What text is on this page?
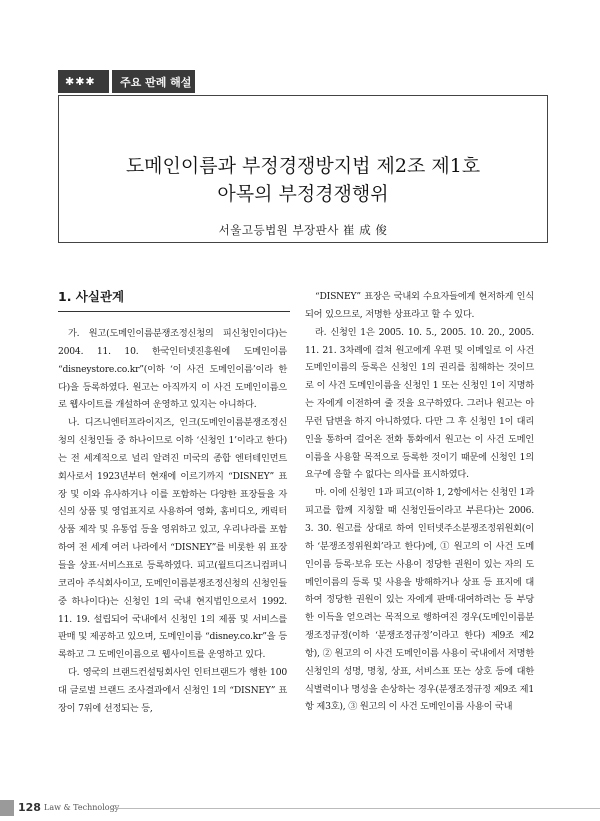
✱✱✱	주요 판례 해설
도메인이름과 부정경쟁방지법 제2조 제1호
아목의 부정경쟁행위
서울고등법원 부장판사 崔 成 俊
1. 사실관계

가. 원고(도메인이름분쟁조정신청의 피신청인이다)는 2004. 11. 10. 한국인터넷진흥원에 도메인이름 “disneystore.co.kr”(이하 ‘이 사건 도메인이름’이라 한다)을 등록하였다. 원고는 아직까지 이 사건 도메인이름으로 웹사이트를 개설하여 운영하고 있지는 아니하다.

나. 디즈니엔터프라이지즈, 인크(도메인이름분쟁조정신청의 신청인들 중 하나이므로 이하 ‘신청인 1’이라고 한다)는 전 세계적으로 널리 알려진 미국의 종합 엔터테인먼트 회사로서 1923년부터 현재에 이르기까지 “DISNEY” 표장 및 이와 유사하거나 이를 포함하는 다양한 표장들을 자신의 상품 및 영업표지로 사용하여 영화, 홈비디오, 캐릭터 상품 제작 및 유통업 등을 영위하고 있고, 우리나라를 포함하여 전 세계 여러 나라에서 “DISNEY”를 비롯한 위 표장들을 상표·서비스표로 등록하였다. 피고(월트디즈니컴퍼니코리아 주식회사이고, 도메인이름분쟁조정신청의 신청인들 중 하나이다)는 신청인 1의 국내 현지법인으로서 1992. 11. 19. 설립되어 국내에서 신청인 1의 제품 및 서비스를 판매 및 제공하고 있으며, 도메인이름 “disney.co.kr”을 등록하고 그 도메인이름으로 웹사이트를 운영하고 있다.

다. 영국의 브랜드컨설팅회사인 인터브랜드가 행한 100대 글로벌 브랜드 조사결과에서 신청인 1의 “DISNEY” 표장이 7위에 선정되는 등,

“DISNEY” 표장은 국내외 수요자들에게 현저하게 인식되어 있으므로, 저명한 상표라고 할 수 있다.

라. 신청인 1은 2005. 10. 5., 2005. 10. 20., 2005. 11. 21. 3차례에 걸쳐 원고에게 우편 및 이메일로 이 사건 도메인이름의 등록은 신청인 1의 권리를 침해하는 것이므로 이 사건 도메인이름을 신청인 1 또는 신청인 1이 지명하는 자에게 이전하여 줄 것을 요구하였다. 그러나 원고는 아무런 답변을 하지 아니하였다. 다만 그 후 신청인 1이 대리인을 통하여 걸어온 전화 통화에서 원고는 이 사건 도메인이름을 사용할 목적으로 등록한 것이기 때문에 신청인 1의 요구에 응할 수 없다는 의사를 표시하였다.

마. 이에 신청인 1과 피고(이하 1, 2항에서는 신청인 1과 피고를 합께 지칭할 때 신청인들이라고 부른다)는 2006. 3. 30. 원고를 상대로 하여 인터넷주소분쟁조정위원회(이하 ‘분쟁조정위원회’라고 한다)에, ① 원고의 이 사건 도메인이름 등록·보유 또는 사용이 정당한 권원이 있는 자의 도메인이름의 등록 및 사용을 방해하거나 상표 등 표지에 대하여 정당한 권원이 있는 자에게 판매·대여하려는 등 부당한 이득을 얻으려는 목적으로 행하여진 경우(도메인이름분쟁조정규정(이하 ‘분쟁조정규정’이라고 한다) 제9조 제2항), ② 원고의 이 사건 도메인이름 사용이 국내에서 저명한 신청인의 성명, 명칭, 상표, 서비스표 또는 상호 등에 대한 식별력이나 명성을 손상하는 경우(분쟁조정규정 제9조 제1항 제3호), ③ 원고의 이 사건 도메인이름 사용이 국내

128 Law & Technology
